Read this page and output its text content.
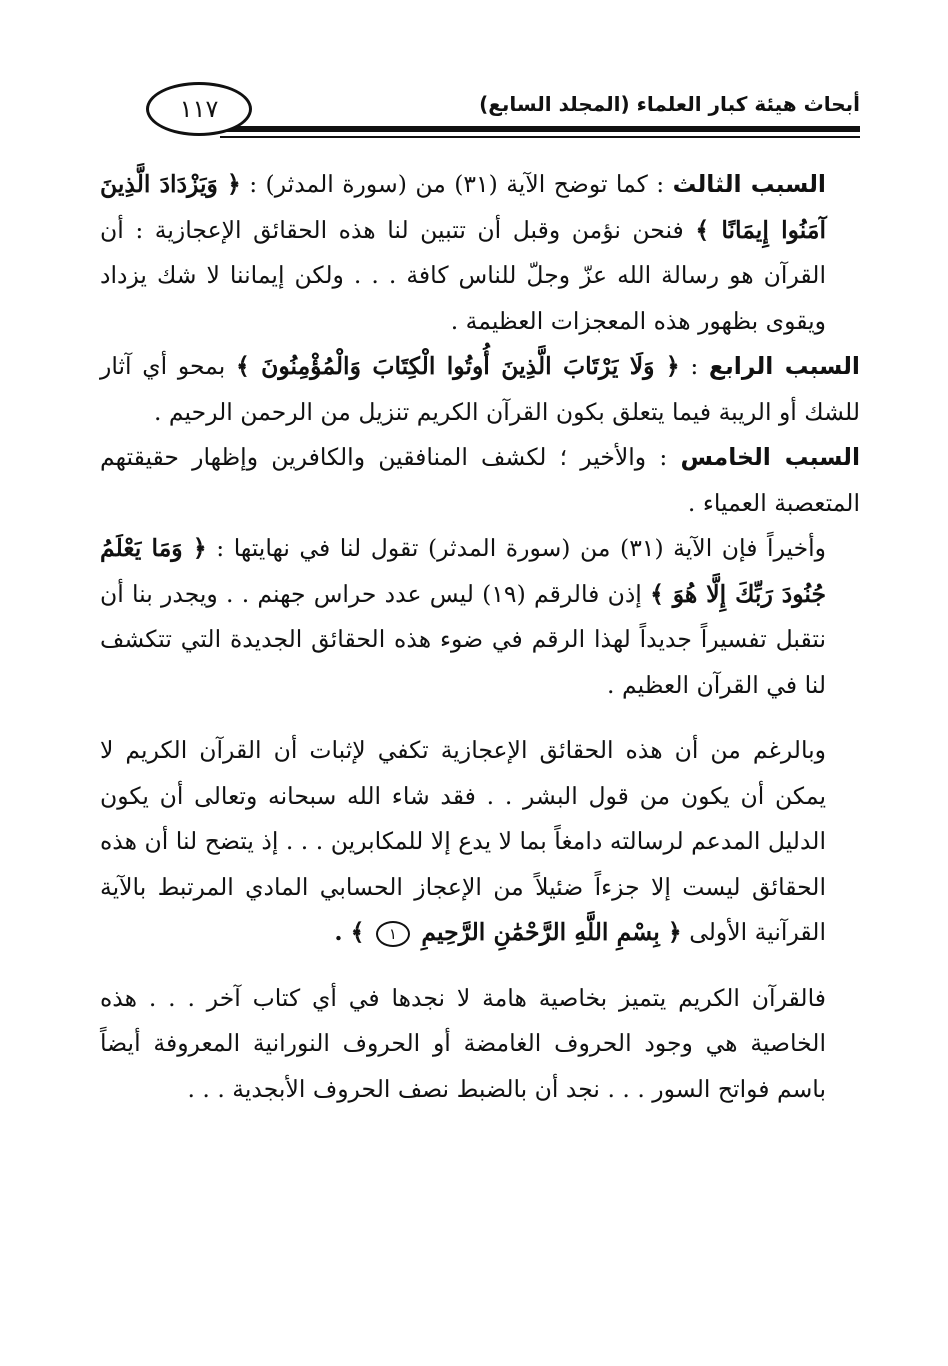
١١٧	أبحاث هيئة كبار العلماء (المجلد السابع)

السبب الثالث : كما توضح الآية (٣١) من (سورة المدثر) : ﴿ وَيَزْدَادَ الَّذِينَ آمَنُوا إِيمَانًا ﴾ فنحن نؤمن وقبل أن تتبين لنا هذه الحقائق الإعجازية : أن القرآن هو رسالة الله عزّ وجلّ للناس كافة . . . ولكن إيماننا لا شك يزداد ويقوى بظهور هذه المعجزات العظيمة .

السبب الرابع : ﴿ وَلَا يَرْتَابَ الَّذِينَ أُوتُوا الْكِتَابَ وَالْمُؤْمِنُونَ ﴾ بمحو أي آثار للشك أو الريبة فيما يتعلق بكون القرآن الكريم تنزيل من الرحمن الرحيم .

السبب الخامس : والأخير ؛ لكشف المنافقين والكافرين وإظهار حقيقتهم المتعصبة العمياء .

وأخيراً فإن الآية (٣١) من (سورة المدثر) تقول لنا في نهايتها : ﴿ وَمَا يَعْلَمُ جُنُودَ رَبِّكَ إِلَّا هُوَ ﴾ إذن فالرقم (١٩) ليس عدد حراس جهنم . . ويجدر بنا أن نتقبل تفسيراً جديداً لهذا الرقم في ضوء هذه الحقائق الجديدة التي تتكشف لنا في القرآن العظيم .

وبالرغم من أن هذه الحقائق الإعجازية تكفي لإثبات أن القرآن الكريم لا يمكن أن يكون من قول البشر . . فقد شاء الله سبحانه وتعالى أن يكون الدليل المدعم لرسالته دامغاً بما لا يدع إلا للمكابرين . . . إذ يتضح لنا أن هذه الحقائق ليست إلا جزءاً ضئيلاً من الإعجاز الحسابي المادي المرتبط بالآية القرآنية الأولى ﴿ بِسْمِ اللَّهِ الرَّحْمَٰنِ الرَّحِيمِ ١ ﴾ .

فالقرآن الكريم يتميز بخاصية هامة لا نجدها في أي كتاب آخر . . . هذه الخاصية هي وجود الحروف الغامضة أو الحروف النورانية المعروفة أيضاً باسم فواتح السور . . . نجد أن بالضبط نصف الحروف الأبجدية . . .
